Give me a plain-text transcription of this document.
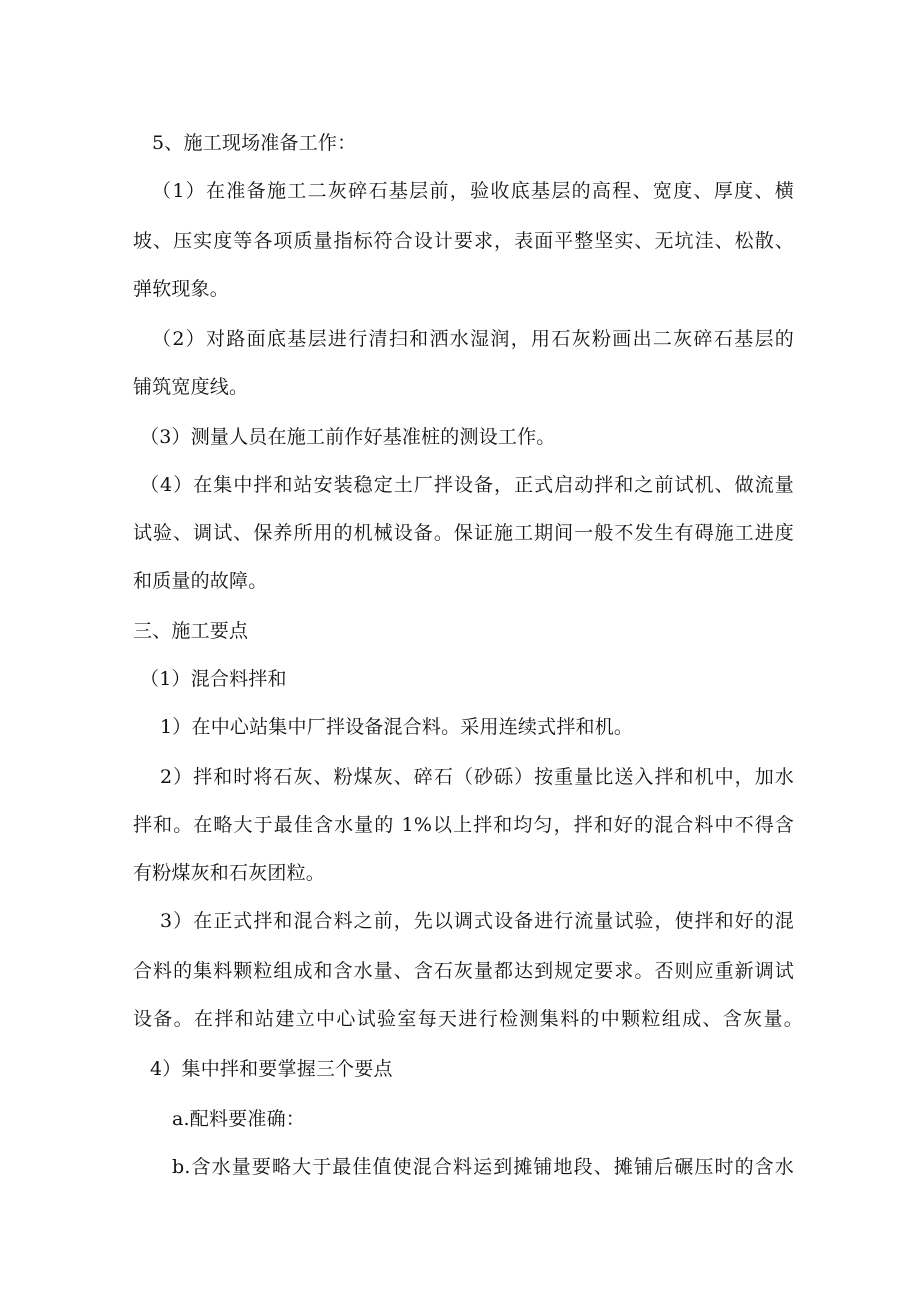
5、施工现场准备工作：
（1）在准备施工二灰碎石基层前，验收底基层的高程、宽度、厚度、横
坡、压实度等各项质量指标符合设计要求，表面平整坚实、无坑洼、松散、
弹软现象。
（2）对路面底基层进行清扫和洒水湿润，用石灰粉画出二灰碎石基层的
铺筑宽度线。
（3）测量人员在施工前作好基准桩的测设工作。
（4）在集中拌和站安装稳定土厂拌设备，正式启动拌和之前试机、做流量
试验、调试、保养所用的机械设备。保证施工期间一般不发生有碍施工进度
和质量的故障。
三、施工要点
（1）混合料拌和
1）在中心站集中厂拌设备混合料。采用连续式拌和机。
2）拌和时将石灰、粉煤灰、碎石（砂砾）按重量比送入拌和机中，加水
拌和。在略大于最佳含水量的 1%以上拌和均匀，拌和好的混合料中不得含
有粉煤灰和石灰团粒。
3）在正式拌和混合料之前，先以调式设备进行流量试验，使拌和好的混
合料的集料颗粒组成和含水量、含石灰量都达到规定要求。否则应重新调试
设备。在拌和站建立中心试验室每天进行检测集料的中颗粒组成、含灰量。
4）集中拌和要掌握三个要点
a.配料要准确：
b.含水量要略大于最佳值使混合料运到摊铺地段、摊铺后碾压时的含水
